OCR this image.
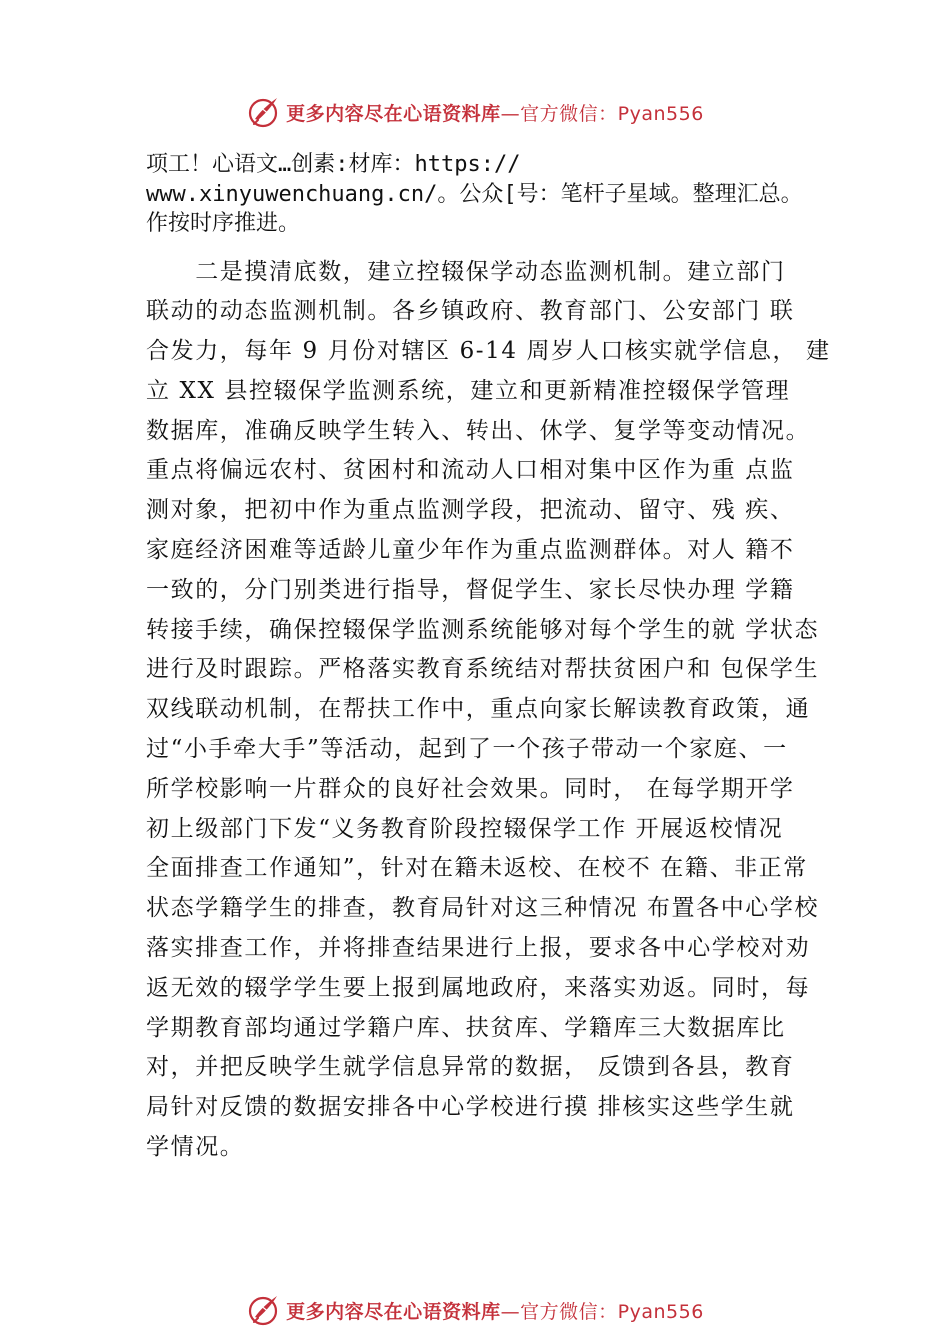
更多内容尽在心语资料库 —官方微信：Pyan556
项工！心语文…创素:材库：https://
www.xinyuwenchuang.cn/。公众[号：笔杆子星域。整理汇总。
作按时序推进。
　　二是摸清底数，建立控辍保学动态监测机制。建立部门
联动的动态监测机制。各乡镇政府、教育部门、公安部门 联
合发力，每年 9 月份对辖区 6-14 周岁人口核实就学信息， 建
立 XX 县控辍保学监测系统，建立和更新精准控辍保学管理
数据库，准确反映学生转入、转出、休学、复学等变动情况。
重点将偏远农村、贫困村和流动人口相对集中区作为重 点监
测对象，把初中作为重点监测学段，把流动、留守、残 疾、
家庭经济困难等适龄儿童少年作为重点监测群体。对人 籍不
一致的，分门别类进行指导，督促学生、家长尽快办理 学籍
转接手续，确保控辍保学监测系统能够对每个学生的就 学状态
进行及时跟踪。严格落实教育系统结对帮扶贫困户和 包保学生
双线联动机制，在帮扶工作中，重点向家长解读教育政策，通
过“小手牵大手”等活动，起到了一个孩子带动一个家庭、一
所学校影响一片群众的良好社会效果。同时， 在每学期开学
初上级部门下发“义务教育阶段控辍保学工作 开展返校情况
全面排查工作通知”，针对在籍未返校、在校不 在籍、非正常
状态学籍学生的排查，教育局针对这三种情况 布置各中心学校
落实排查工作，并将排查结果进行上报，要求各中心学校对劝
返无效的辍学学生要上报到属地政府，来落实劝返。同时，每
学期教育部均通过学籍户库、扶贫库、学籍库三大数据库比
对，并把反映学生就学信息异常的数据， 反馈到各县，教育
局针对反馈的数据安排各中心学校进行摸 排核实这些学生就
学情况。
更多内容尽在心语资料库 —官方微信：Pyan556
